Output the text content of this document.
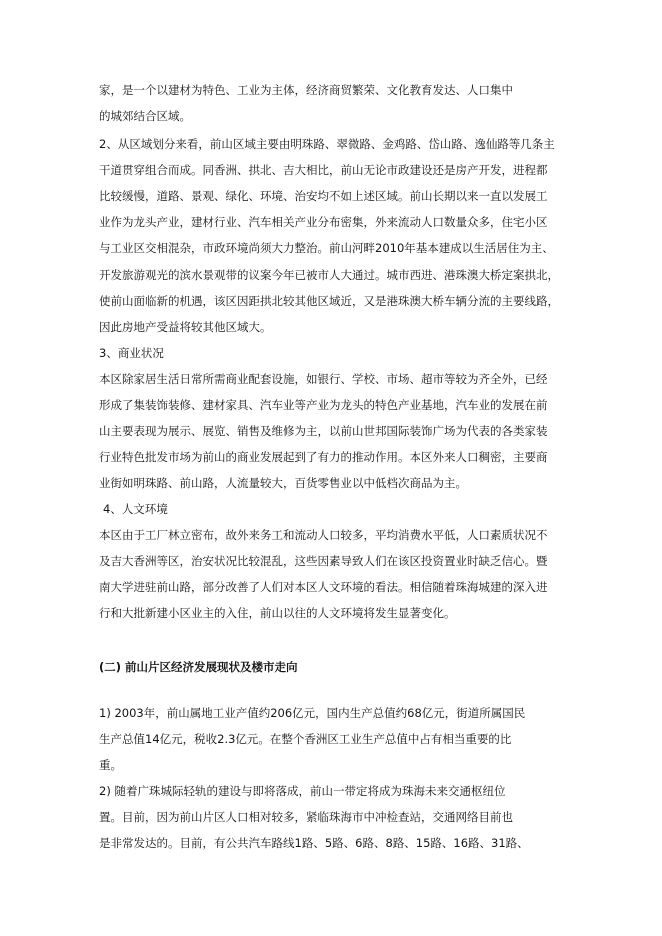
家，是一个以建材为特色、工业为主体，经济商贸繁荣、文化教育发达、人口集中
的城郊结合区域。
2、从区域划分来看，前山区域主要由明珠路、翠微路、金鸡路、岱山路、逸仙路等几条主
干道贯穿组合而成。同香洲、拱北、吉大相比，前山无论市政建设还是房产开发，进程都
比较缓慢，道路、景观、绿化、环境、治安均不如上述区域。前山长期以来一直以发展工
业作为龙头产业，建材行业、汽车相关产业分布密集，外来流动人口数量众多，住宅小区
与工业区交相混杂，市政环境尚须大力整治。前山河畔2010年基本建成以生活居住为主、
开发旅游观光的滨水景观带的议案今年已被市人大通过。城市西进、港珠澳大桥定案拱北，
使前山面临新的机遇，该区因距拱北较其他区域近，又是港珠澳大桥车辆分流的主要线路，
因此房地产受益将较其他区域大。
3、商业状况
本区除家居生活日常所需商业配套设施，如银行、学校、市场、超市等较为齐全外，已经
形成了集装饰装修、建材家具、汽车业等产业为龙头的特色产业基地，汽车业的发展在前
山主要表现为展示、展览、销售及维修为主，以前山世邦国际装饰广场为代表的各类家装
行业特色批发市场为前山的商业发展起到了有力的推动作用。本区外来人口稠密，主要商
业街如明珠路、前山路，人流量较大，百货零售业以中低档次商品为主。
4、人文环境
本区由于工厂林立密布，故外来务工和流动人口较多，平均消费水平低，人口素质状况不
及吉大香洲等区，治安状况比较混乱，这些因素导致人们在该区投资置业时缺乏信心。暨
南大学进驻前山路，部分改善了人们对本区人文环境的看法。相信随着珠海城建的深入进
行和大批新建小区业主的入住，前山以往的人文环境将发生显著变化。
(二) 前山片区经济发展现状及楼市走向
1) 2003年，前山属地工业产值约206亿元，国内生产总值约68亿元，街道所属国民
生产总值14亿元，税收2.3亿元。在整个香洲区工业生产总值中占有相当重要的比
重。
2) 随着广珠城际轻轨的建设与即将落成，前山一带定将成为珠海未来交通枢纽位
置。目前，因为前山片区人口相对较多，紧临珠海市中冲检查站，交通网络目前也
是非常发达的。目前，有公共汽车路线1路、5路、6路、8路、15路、16路、31路、
